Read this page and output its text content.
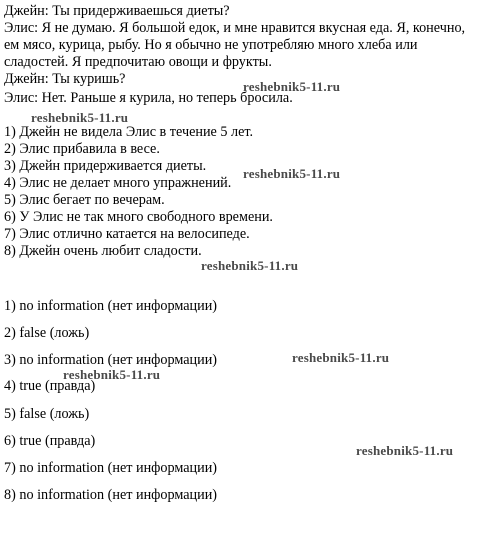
Джейн: Ты придерживаешься диеты?
Элис: Я не думаю. Я большой едок, и мне нравится вкусная еда. Я, конечно,
ем мясо, курица, рыбу. Но я обычно не употребляю много хлеба или
сладостей. Я предпочитаю овощи и фрукты.
Джейн: Ты куришь?
Элис: Нет. Раньше я курила, но теперь бросила.
1) Джейн не видела Элис в течение 5 лет.
2) Элис прибавила в весе.
3) Джейн придерживается диеты.
4) Элис не делает много упражнений.
5) Элис бегает по вечерам.
6) У Элис не так много свободного времени.
7) Элис отлично катается на велосипеде.
8) Джейн очень любит сладости.
1) no information (нет информации)
2) false (ложь)
3) no information (нет информации)
4) true (правда)
5) false (ложь)
6) true (правда)
7) no information (нет информации)
8) no information (нет информации)
reshebnik5-11.ru
reshebnik5-11.ru
reshebnik5-11.ru
reshebnik5-11.ru
reshebnik5-11.ru
reshebnik5-11.ru
reshebnik5-11.ru
